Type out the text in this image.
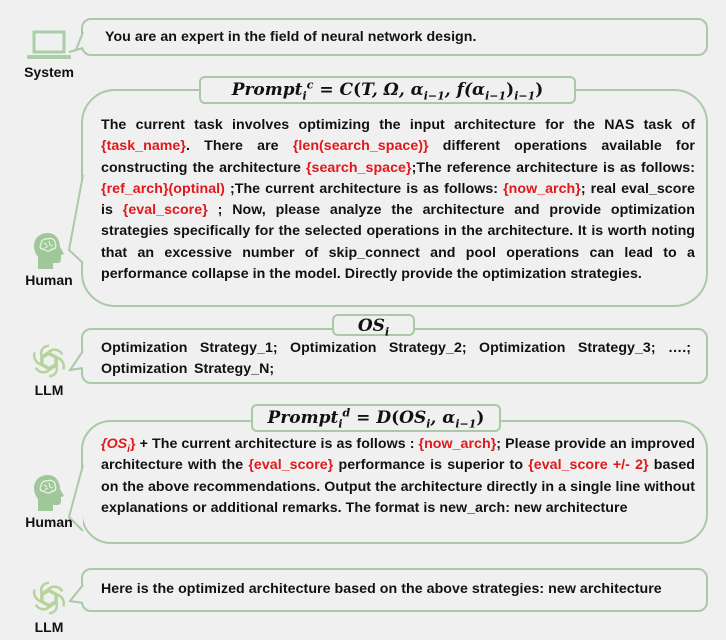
System
You are an expert in the field of neural network design.
The current task involves optimizing the input architecture for the NAS task of {task_name}. There are {len(search_space)} different operations available for constructing the architecture {search_space};The reference architecture is as follows: {ref_arch}(optinal) ;The current architecture is as follows: {now_arch}; real eval_score is {eval_score} ; Now, please analyze the architecture and provide optimization strategies specifically for the selected operations in the architecture. It is worth noting that an excessive number of skip_connect and pool operations can lead to a performance collapse in the model. Directly provide the optimization strategies.
Prompt$_i^c$ = C(T, Ω, $\alpha_{i-1}$, $f(\alpha_{i-1})_{i-1}$)
Human
Optimization Strategy_1; Optimization Strategy_2; Optimization Strategy_3; ….; Optimization Strategy_N;
$OS_i$
LLM
$\{OS_i\}$ + The current architecture is as follows : {now_arch}; Please provide an improved architecture with the {eval_score} performance is superior to {eval_score +/- 2} based on the above recommendations. Output the architecture directly in a single line without explanations or additional remarks. The format is new_arch: new architecture
Prompt$_i^d$ = $D(OS_i$, $\alpha_{i-1}$)
Human
Here is the optimized architecture based on the above strategies: new architecture
LLM
